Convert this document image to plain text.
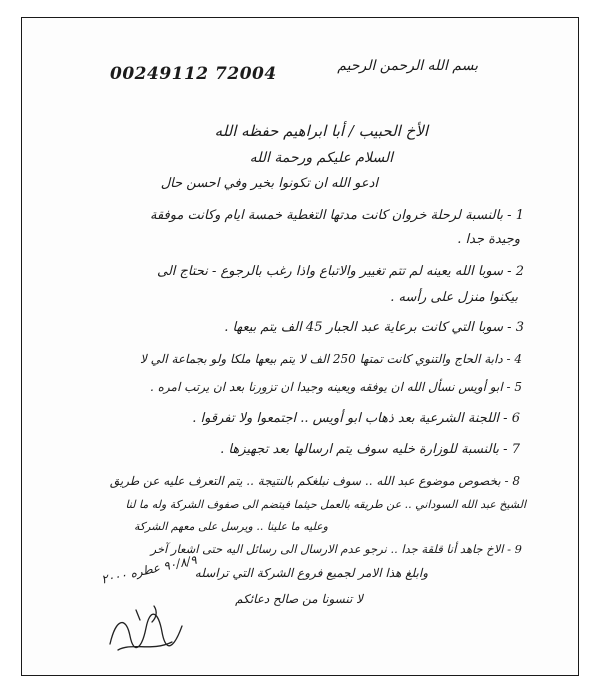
00249112 72004	بسم الله الرحمن الرحيم
الأخ الحبيب / أبا ابراهيم حفظه الله
السلام عليكم ورحمة الله
ادعو الله ان تكونوا بخير وفي احسن حال
1 - بالنسبة لرحلة خروان كانت مدتها التغطية خمسة ايام وكانت موفقة
وجيدة جدا .
2 - سوبا الله يعينه لم تتم تغيير والاتباع واذا رغب بالرجوع - نحتاج الى
بيكنوا منزل على رأسه .
3 - سوبا التي كانت برعاية عبد الجبار 45 الف يتم بيعها .
4 - دابة الحاج والتنوي كانت تمتها 250 الف لا يتم بيعها ملكا ولو بجماعة الي لا
5 - ابو أويس نسأل الله ان يوفقه ويعينه وجيدا ان تزورنا بعد ان يرتب امره .
6 - اللجنة الشرعية بعد ذهاب ابو أويس .. اجتمعوا ولا تفرقوا .
7 - بالنسبة للوزارة خليه سوف يتم ارسالها بعد تجهيزها .
8 - بخصوص موضوع عبد الله .. سوف نبلغكم بالنتيجة .. يتم التعرف عليه عن طريق
الشيخ عبد الله السوداني .. عن طريقه بالعمل حيثما فيتضم الى صفوف الشركة وله ما لنا
وعليه ما علينا .. ويرسل على معهم الشركة
9 - الاخ جاهد أنا قلقة جدا .. نرجو عدم الارسال الى رسائل اليه حتى اشعار آخر
وابلغ هذا الامر لجميع فروع الشركة التي تراسله
لا تنسونا من صالح دعائكم
۹۰/۸/۹ عطره ۲۰۰۰
